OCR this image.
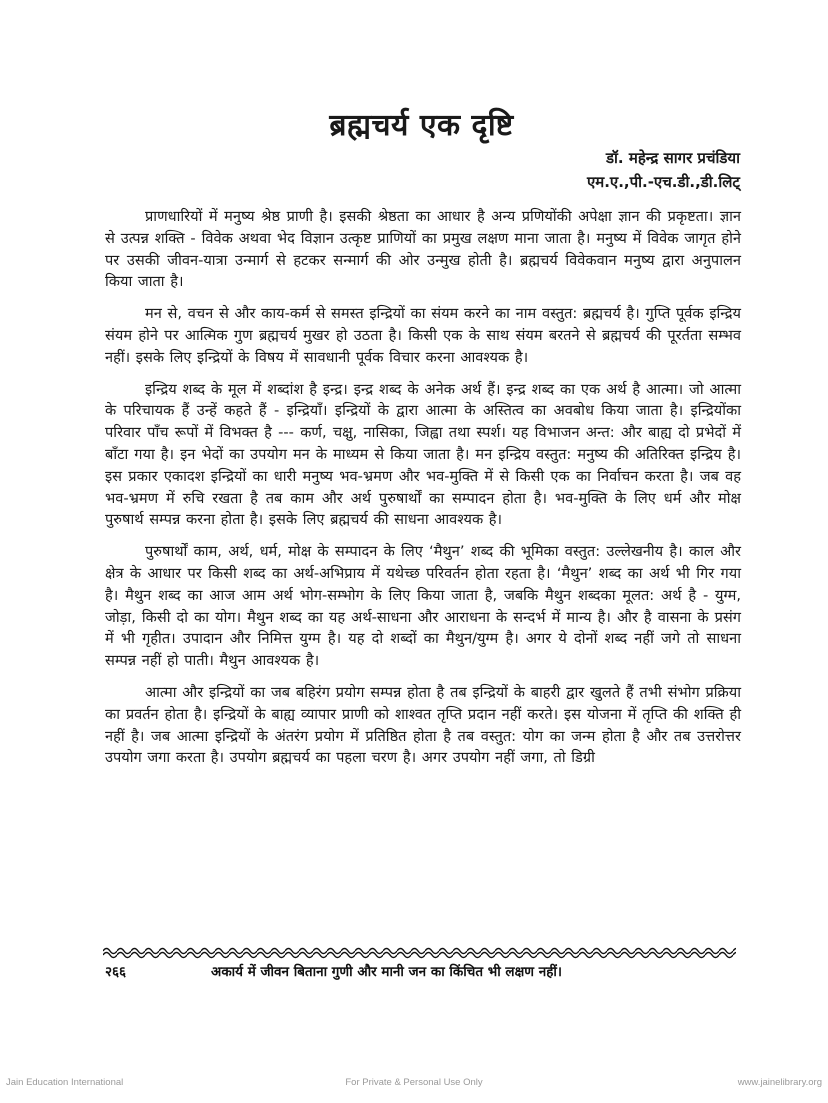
ब्रह्मचर्य एक दृष्टि
डॉ. महेन्द्र सागर प्रचंडिया
एम.ए.,पी.-एच.डी.,डी.लिट्

प्राणधारियों में मनुष्य श्रेष्ठ प्राणी है। इसकी श्रेष्ठता का आधार है अन्य प्रणियोंकी अपेक्षा ज्ञान की प्रकृष्टता। ज्ञान से उत्पन्न शक्ति - विवेक अथवा भेद विज्ञान उत्कृष्ट प्राणियों का प्रमुख लक्षण माना जाता है। मनुष्य में विवेक जागृत होने पर उसकी जीवन-यात्रा उन्मार्ग से हटकर सन्मार्ग की ओर उन्मुख होती है। ब्रह्मचर्य विवेकवान मनुष्य द्वारा अनुपालन किया जाता है।

मन से, वचन से और काय-कर्म से समस्त इन्द्रियों का संयम करने का नाम वस्तुत: ब्रह्मचर्य है। गुप्ति पूर्वक इन्द्रिय संयम होने पर आत्मिक गुण ब्रह्मचर्य मुखर हो उठता है। किसी एक के साथ संयम बरतने से ब्रह्मचर्य की पूरर्तता सम्भव नहीं। इसके लिए इन्द्रियों के विषय में सावधानी पूर्वक विचार करना आवश्यक है।

इन्द्रिय शब्द के मूल में शब्दांश है इन्द्र। इन्द्र शब्द के अनेक अर्थ हैं। इन्द्र शब्द का एक अर्थ है आत्मा। जो आत्मा के परिचायक हैं उन्हें कहते हैं - इन्द्रियाँ। इन्द्रियों के द्वारा आत्मा के अस्तित्व का अवबोध किया जाता है। इन्द्रियोंका परिवार पाँच रूपों में विभक्त है --- कर्ण, चक्षु, नासिका, जिह्वा तथा स्पर्श। यह विभाजन अन्त: और बाह्य दो प्रभेदों में बाँटा गया है। इन भेदों का उपयोग मन के माध्यम से किया जाता है। मन इन्द्रिय वस्तुत: मनुष्य की अतिरिक्त इन्द्रिय है। इस प्रकार एकादश इन्द्रियों का धारी मनुष्य भव-भ्रमण और भव-मुक्ति में से किसी एक का निर्वाचन करता है। जब वह भव-भ्रमण में रुचि रखता है तब काम और अर्थ पुरुषार्थों का सम्पादन होता है। भव-मुक्ति के लिए धर्म और मोक्ष पुरुषार्थ सम्पन्न करना होता है। इसके लिए ब्रह्मचर्य की साधना आवश्यक है।

पुरुषार्थों काम, अर्थ, धर्म, मोक्ष के सम्पादन के लिए ‘मैथुन’ शब्द की भूमिका वस्तुत: उल्लेखनीय है। काल और क्षेत्र के आधार पर किसी शब्द का अर्थ-अभिप्राय में यथेच्छ परिवर्तन होता रहता है। ‘मैथुन’ शब्द का अर्थ भी गिर गया है। मैथुन शब्द का आज आम अर्थ भोग-सम्भोग के लिए किया जाता है, जबकि मैथुन शब्दका मूलत: अर्थ है - युग्म, जोड़ा, किसी दो का योग। मैथुन शब्द का यह अर्थ-साधना और आराधना के सन्दर्भ में मान्य है। और है वासना के प्रसंग में भी गृहीत। उपादान और निमित्त युग्म है। यह दो शब्दों का मैथुन/युग्म है। अगर ये दोनों शब्द नहीं जगे तो साधना सम्पन्न नहीं हो पाती। मैथुन आवश्यक है।

आत्मा और इन्द्रियों का जब बहिरंग प्रयोग सम्पन्न होता है तब इन्द्रियों के बाहरी द्वार खुलते हैं तभी संभोग प्रक्रिया का प्रवर्तन होता है। इन्द्रियों के बाह्य व्यापार प्राणी को शाश्वत तृप्ति प्रदान नहीं करते। इस योजना में तृप्ति की शक्ति ही नहीं है। जब आत्मा इन्द्रियों के अंतरंग प्रयोग में प्रतिष्ठित होता है तब वस्तुत: योग का जन्म होता है और तब उत्तरोत्तर उपयोग जगा करता है। उपयोग ब्रह्मचर्य का पहला चरण है। अगर उपयोग नहीं जगा, तो डिग्री

२६६	अकार्य में जीवन बिताना गुणी और मानी जन का किंचित भी लक्षण नहीं।
Jain Education International	For Private & Personal Use Only	www.jainelibrary.org
